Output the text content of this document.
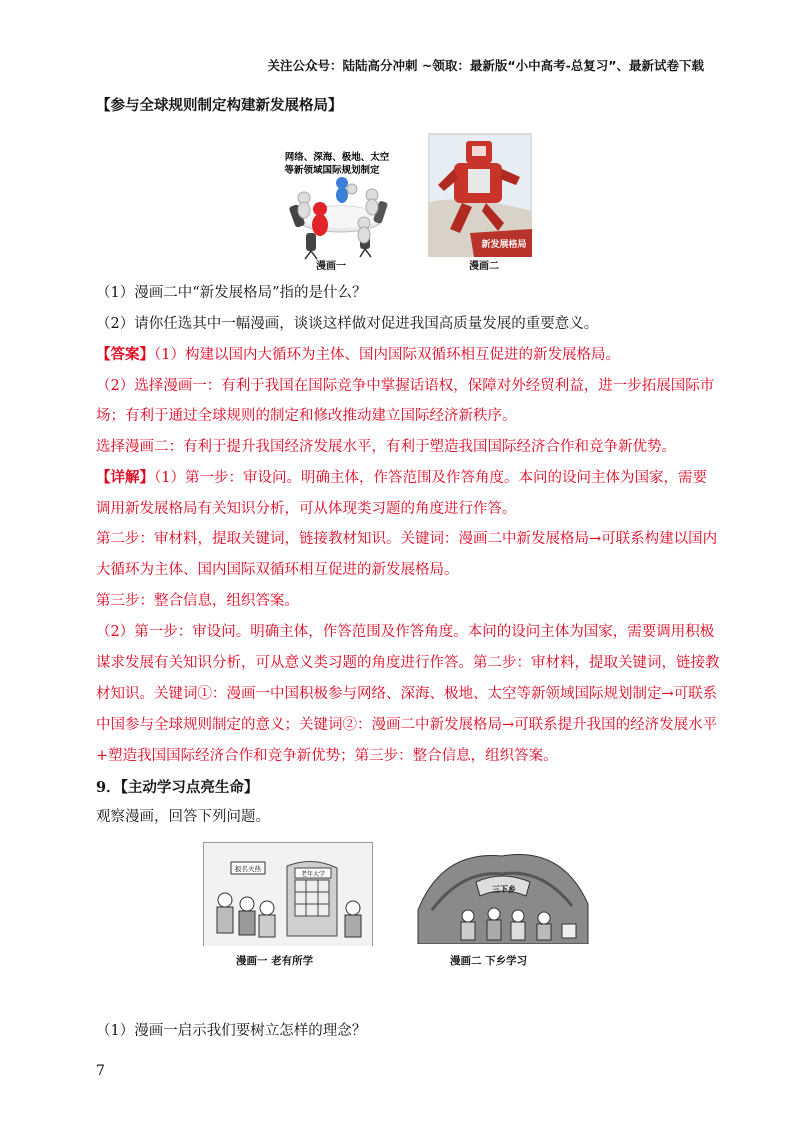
关注公众号：陆陆高分冲刺 ~领取：最新版“小中高考-总复习”、最新试卷下载
【参与全球规则制定构建新发展格局】
网络、深海、极地、太空
等新领域国际规划制定
漫画一
新发展格局
漫画二
（1）漫画二中“新发展格局”指的是什么？
（2）请你任选其中一幅漫画，谈谈这样做对促进我国高质量发展的重要意义。
【答案】（1）构建以国内大循环为主体、国内国际双循环相互促进的新发展格局。
（2）选择漫画一：有利于我国在国际竞争中掌握话语权，保障对外经贸利益，进一步拓展国际市
场；有利于通过全球规则的制定和修改推动建立国际经济新秩序。
选择漫画二：有利于提升我国经济发展水平，有利于塑造我国国际经济合作和竞争新优势。
【详解】（1）第一步：审设问。明确主体，作答范围及作答角度。本问的设问主体为国家，需要
调用新发展格局有关知识分析，可从体现类习题的角度进行作答。
第二步：审材料，提取关键词，链接教材知识。关键词：漫画二中新发展格局→可联系构建以国内
大循环为主体、国内国际双循环相互促进的新发展格局。
第三步：整合信息，组织答案。
（2）第一步：审设问。明确主体，作答范围及作答角度。本问的设问主体为国家，需要调用积极
谋求发展有关知识分析，可从意义类习题的角度进行作答。第二步：审材料，提取关键词，链接教
材知识。关键词①：漫画一中国积极参与网络、深海、极地、太空等新领域国际规划制定→可联系
中国参与全球规则制定的意义；关键词②：漫画二中新发展格局→可联系提升我国的经济发展水平
+塑造我国国际经济合作和竞争新优势；第三步：整合信息，组织答案。
9．【主动学习点亮生命】
观察漫画，回答下列问题。
老年大学
报名火热
漫画一 老有所学
三下乡
漫画二 下乡学习
（1）漫画一启示我们要树立怎样的理念？
7
